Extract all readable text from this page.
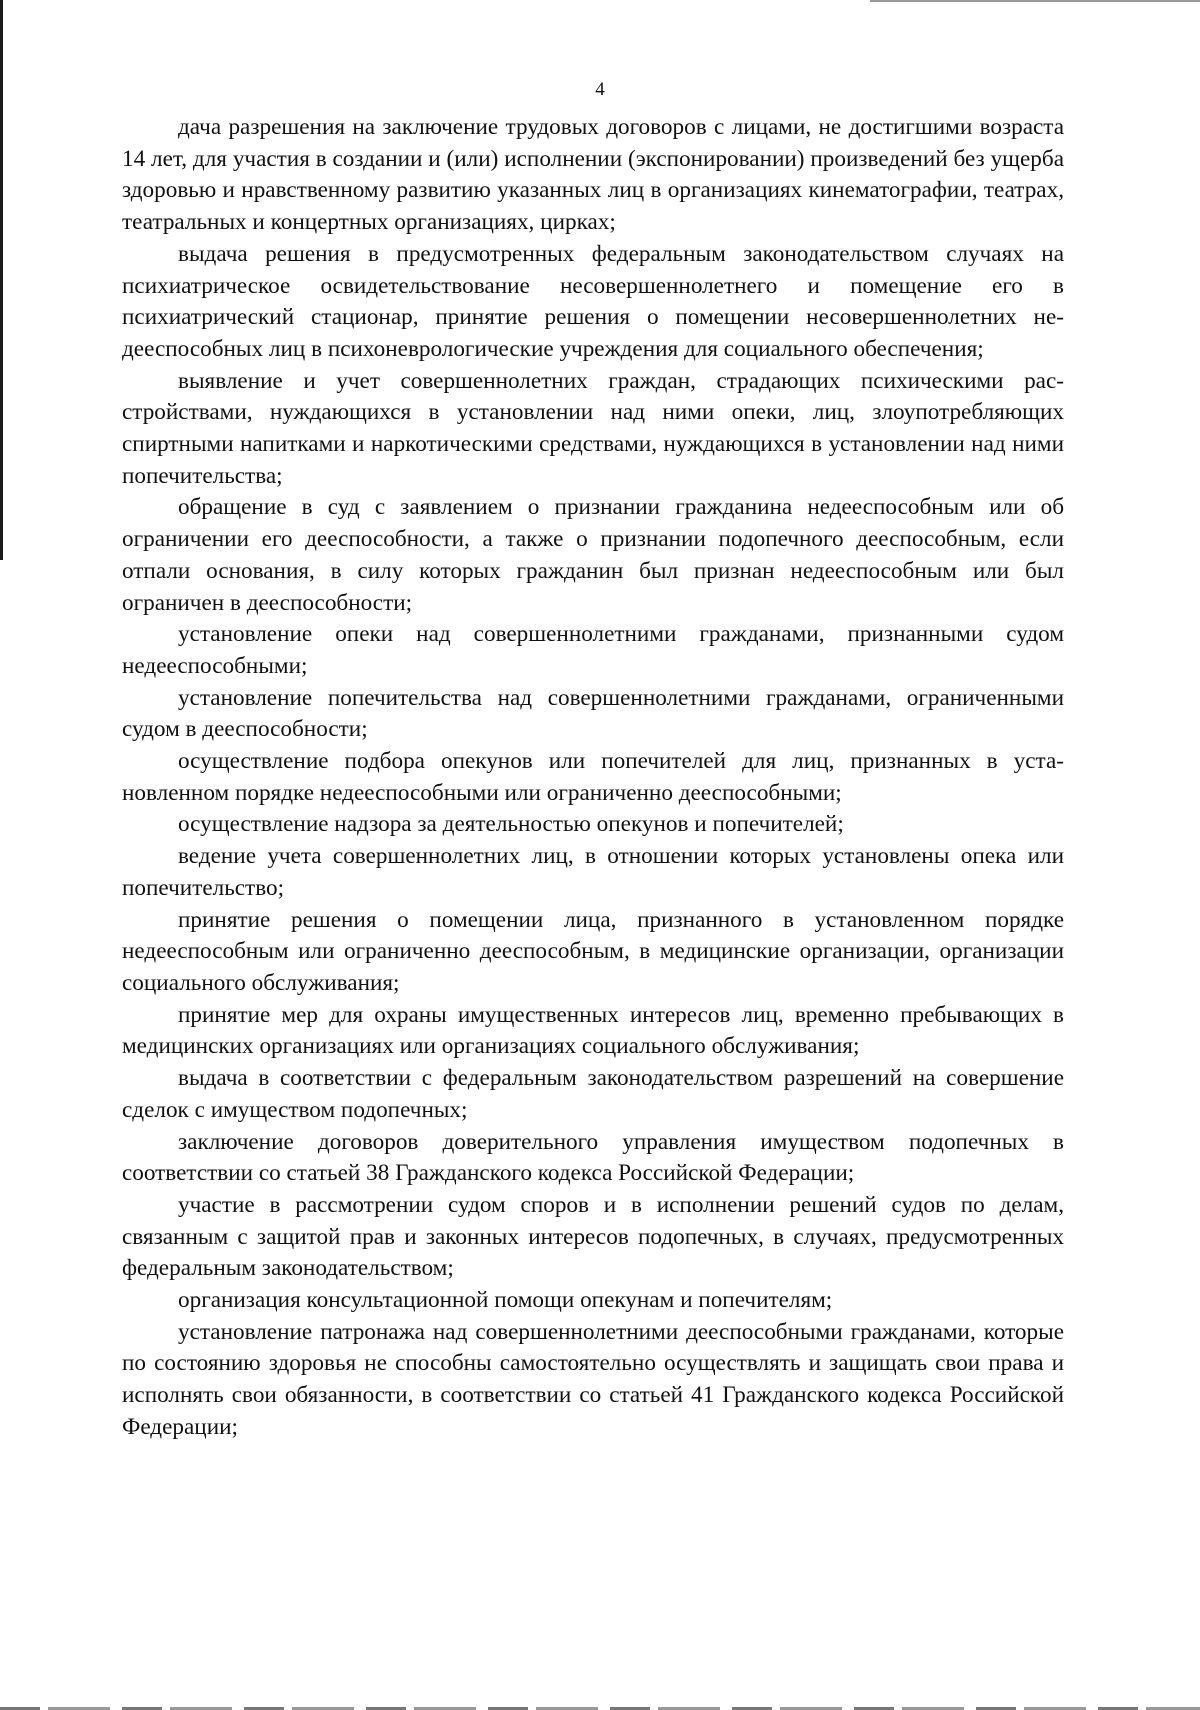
4

дача разрешения на заключение трудовых договоров с лицами, не достигшими возраста 14 лет, для участия в создании и (или) исполнении (экспонировании) произведений без ущерба здоровью и нравственному развитию указанных лиц в организациях кинематографии, театрах, театральных и концертных организациях, цирках;

выдача решения в предусмотренных федеральным законодательством случаях на психиатрическое освидетельствование несовершеннолетнего и помещение его в психиатрический стационар, принятие решения о помещении несовершеннолетних недееспособных лиц в психоневрологические учреждения для социального обеспечения;

выявление и учет совершеннолетних граждан, страдающих психическими расстройствами, нуждающихся в установлении над ними опеки, лиц, злоупотребляющих спиртными напитками и наркотическими средствами, нуждающихся в установлении над ними попечительства;

обращение в суд с заявлением о признании гражданина недееспособным или об ограничении его дееспособности, а также о признании подопечного дееспособным, если отпали основания, в силу которых гражданин был признан недееспособным или был ограничен в дееспособности;

установление опеки над совершеннолетними гражданами, признанными судом недееспособными;

установление попечительства над совершеннолетними гражданами, ограниченными судом в дееспособности;

осуществление подбора опекунов или попечителей для лиц, признанных в установленном порядке недееспособными или ограниченно дееспособными;

осуществление надзора за деятельностью опекунов и попечителей;

ведение учета совершеннолетних лиц, в отношении которых установлены опека или попечительство;

принятие решения о помещении лица, признанного в установленном порядке недееспособным или ограниченно дееспособным, в медицинские организации, организации социального обслуживания;

принятие мер для охраны имущественных интересов лиц, временно пребывающих в медицинских организациях или организациях социального обслуживания;

выдача в соответствии с федеральным законодательством разрешений на совершение сделок с имуществом подопечных;

заключение договоров доверительного управления имуществом подопечных в соответствии со статьей 38 Гражданского кодекса Российской Федерации;

участие в рассмотрении судом споров и в исполнении решений судов по делам, связанным с защитой прав и законных интересов подопечных, в случаях, предусмотренных федеральным законодательством;

организация консультационной помощи опекунам и попечителям;

установление патронажа над совершеннолетними дееспособными гражданами, которые по состоянию здоровья не способны самостоятельно осуществлять и защищать свои права и исполнять свои обязанности, в соответствии со статьей 41 Гражданского кодекса Российской Федерации;
